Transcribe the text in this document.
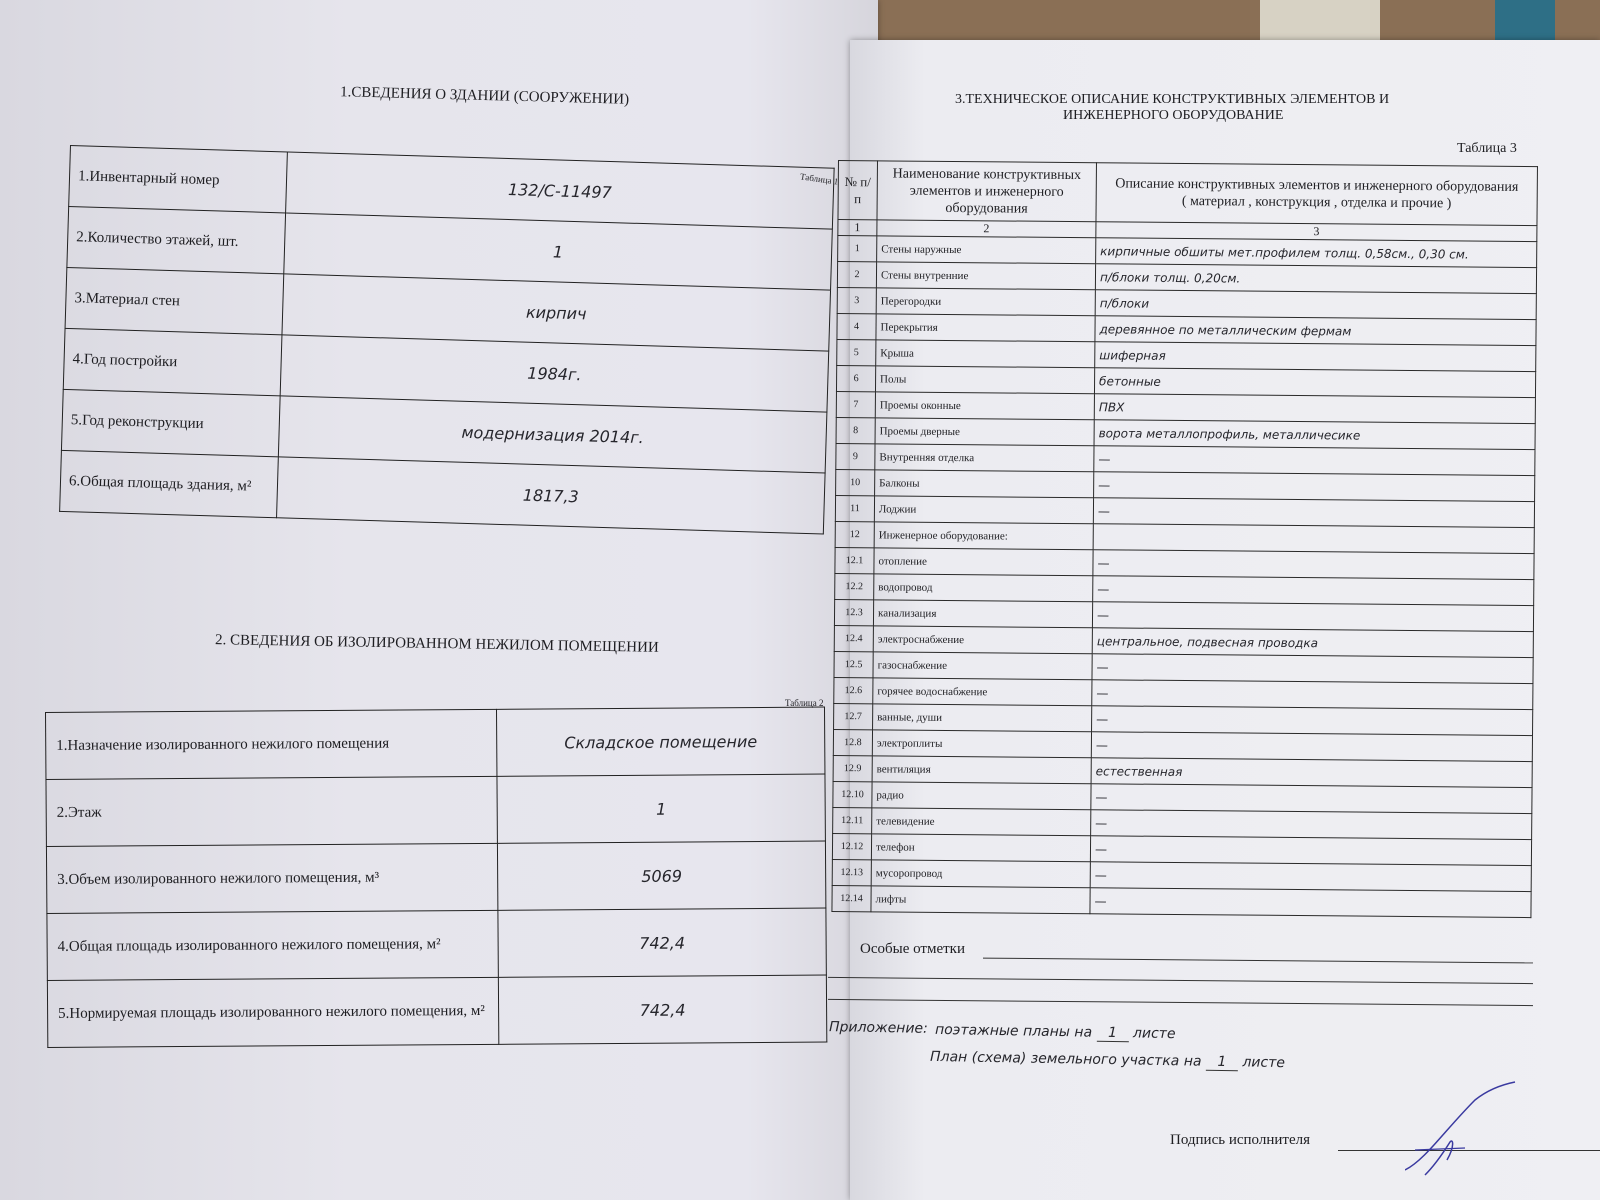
1.СВЕДЕНИЯ О ЗДАНИИ (СООРУЖЕНИИ)
Таблица 1
1.Инвентарный номер	132/С-11497
2.Количество этажей, шт.	1
3.Материал стен	кирпич
4.Год постройки	1984г.
5.Год реконструкции	модернизация 2014г.
6.Общая площадь здания, м²	1817,3
2. СВЕДЕНИЯ ОБ ИЗОЛИРОВАННОМ НЕЖИЛОМ ПОМЕЩЕНИИ
Таблица 2
1.Назначение изолированного нежилого помещения	Складское помещение
2.Этаж	1
3.Объем изолированного нежилого помещения, м³	5069
4.Общая площадь изолированного нежилого помещения, м²	742,4
5.Нормируемая площадь изолированного нежилого помещения, м²	742,4
3.ТЕХНИЧЕСКОЕ ОПИСАНИЕ КОНСТРУКТИВНЫХ ЭЛЕМЕНТОВ И
ИНЖЕНЕРНОГО ОБОРУДОВАНИЕ
Таблица 3
Особые отметки
Приложение: поэтажные планы на 1 листе
План (схема) земельного участка на 1 листе
Подпись исполнителя
№ п/п	Наименование конструктивных элементов и инженерного оборудования	Описание конструктивных элементов и инженерного оборудования
( материал , конструкция , отделка и прочие )

1	2	3
1	Стены наружные	кирпичные обшиты мет.профилем толщ. 0,58см., 0,30 см.
2	Стены внутренние	п/блоки толщ. 0,20см.
3	Перегородки	п/блоки
4	Перекрытия	деревянное по металлическим фермам
5	Крыша	шиферная
6	Полы	бетонные
7	Проемы оконные	ПВХ
8	Проемы дверные	ворота металлопрофиль, металличесике
9	Внутренняя отделка	—
10	Балконы	—
11	Лоджии	—
12	Инженерное оборудование:	
12.1	отопление	—
12.2	водопровод	—
12.3	канализация	—
12.4	электроснабжение	центральное, подвесная проводка
12.5	газоснабжение	—
12.6	горячее водоснабжение	—
12.7	ванные, души	—
12.8	электроплиты	—
12.9	вентиляция	естественная
12.10	радио	—
12.11	телевидение	—
12.12	телефон	—
12.13	мусоропровод	—
12.14	лифты	—
